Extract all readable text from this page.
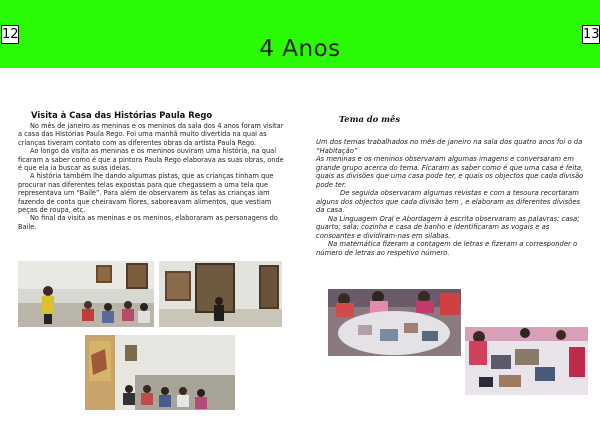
12
4 Anos
13
Visita à Casa das Histórias Paula Rego

No mês de janeiro as meninas e os meninos da sala dos 4 anos foram visitar a casa das Histórias Paula Rego. Foi uma manhã muito divertida na qual as crianças tiveram contato com as diferentes obras da artista Paula Rego.

Ao longo da visita as meninas e os meninos ouviram uma história, na qual ficaram a saber como é que a pintora Paula Rego elaborava as suas obras, onde é que ela ia buscar as suas ideias.

A história também lhe dando algumas pistas, que as crianças tinham que procurar nas diferentes telas expostas para que chegassem a uma tela que representava um “Baile”. Para além de observarem as telas as crianças iam fazendo de conta que cheiravam flores, saboreavam alimentos, que vestiam peças de roupa, etc.

No final da visita as meninas e os meninos, elaboraram as personagens do Baile.

Tema do mês

Um dos temas trabalhados no mês de janeiro na sala dos quatro anos foi o da “Habitação”

As meninas e os meninos observaram algumas imagens e conversaram em grande grupo acerca do tema. Ficaram as saber como é que uma casa é feita, quais as divisões que uma casa pode ter, e quais os objectos que cada divisão pode ter.

De seguida observaram algumas revistas e com a tesoura recortaram alguns dos objectos que cada divisão tem , e elaboram as diferentes divisões da casa.

Na Linguagem Oral e Abordagem à escrita observaram as palavras: casa; quarto; sala; cozinha e casa de banho e identificaram as vogais e as consoantes e dividiram-nas em silabas.

Na matemática fizeram a contagem de letras e fizeram a corresponder o número de letras ao respetivo número.
